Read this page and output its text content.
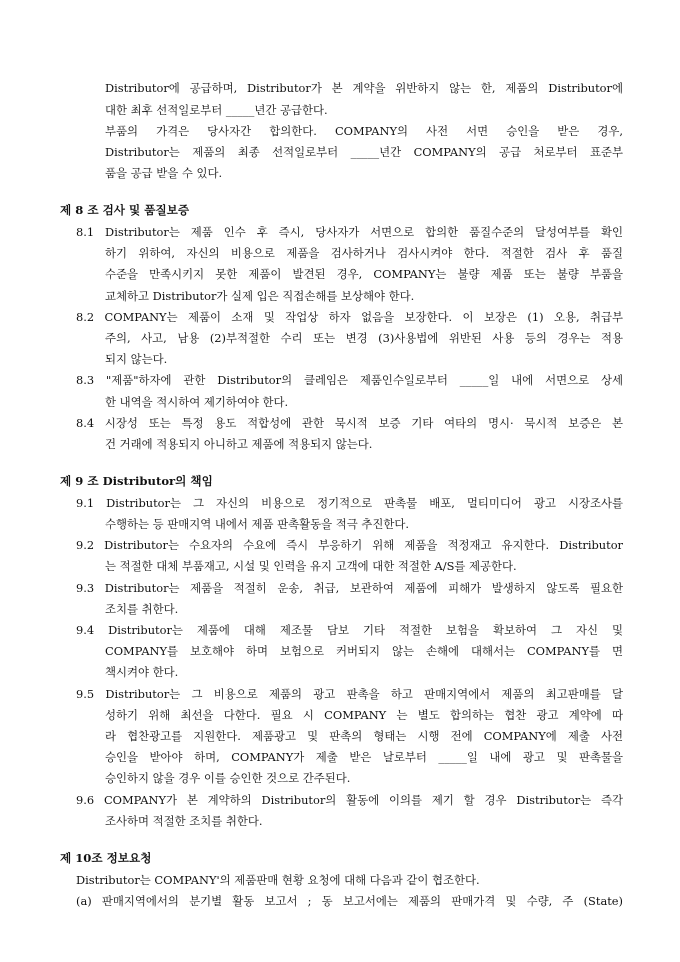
Distributor에 공급하며, Distributor가 본 계약을 위반하지 않는 한, 제품의 Distributor에
대한 최후 선적일로부터 _____년간 공급한다.
부품의 가격은 당사자간 합의한다. COMPANY의 사전 서면 승인을 받은 경우,
Distributor는 제품의 최종 선적일로부터 _____년간 COMPANY의 공급 처로부터 표준부
품을 공급 받을 수 있다.
제 8 조 검사 및 품질보증
8.1 Distributor는 제품 인수 후 즉시, 당사자가 서면으로 합의한 품질수준의 달성여부를 확인
하기 위하여, 자신의 비용으로 제품을 검사하거나 검사시켜야 한다. 적절한 검사 후 품질
수준을 만족시키지 못한 제품이 발견된 경우, COMPANY는 불량 제품 또는 불량 부품을
교체하고 Distributor가 실제 입은 직접손해를 보상해야 한다.
8.2 COMPANY는 제품이 소재 및 작업상 하자 없음을 보장한다. 이 보장은 (1) 오용, 취급부
주의, 사고, 남용 (2)부적절한 수리 또는 변경 (3)사용법에 위반된 사용 등의 경우는 적용
되지 않는다.
8.3 "제품"하자에 관한 Distributor의 클레임은 제품인수일로부터 _____일 내에 서면으로 상세
한 내역을 적시하여 제기하여야 한다.
8.4 시장성 또는 특정 용도 적합성에 관한 묵시적 보증 기타 여타의 명시· 묵시적 보증은 본
건 거래에 적용되지 아니하고 제품에 적용되지 않는다.
제 9 조 Distributor의 책임
9.1 Distributor는 그 자신의 비용으로 정기적으로 판촉물 배포, 멀티미디어 광고 시장조사를
수행하는 등 판매지역 내에서 제품 판촉활동을 적극 추진한다.
9.2 Distributor는 수요자의 수요에 즉시 부응하기 위해 제품을 적정재고 유지한다. Distributor
는 적절한 대체 부품재고, 시설 및 인력을 유지 고객에 대한 적절한 A/S를 제공한다.
9.3 Distributor는 제품을 적절히 운송, 취급, 보관하여 제품에 피해가 발생하지 않도록 필요한
조치를 취한다.
9.4 Distributor는 제품에 대해 제조물 담보 기타 적절한 보험을 확보하여 그 자신 및
COMPANY를 보호해야 하며 보험으로 커버되지 않는 손해에 대해서는 COMPANY를 면
책시켜야 한다.
9.5 Distributor는 그 비용으로 제품의 광고 판촉을 하고 판매지역에서 제품의 최고판매를 달
성하기 위해 최선을 다한다. 필요 시 COMPANY 는 별도 합의하는 협찬 광고 계약에 따
라 협찬광고를 지원한다. 제품광고 및 판촉의 형태는 시행 전에 COMPANY에 제출 사전
승인을 받아야 하며, COMPANY가 제출 받은 날로부터 _____일 내에 광고 및 판촉물을
승인하지 않을 경우 이를 승인한 것으로 간주된다.
9.6 COMPANY가 본 계약하의 Distributor의 활동에 이의를 제기 할 경우 Distributor는 즉각
조사하며 적절한 조치를 취한다.
제 10조 정보요청
Distributor는 COMPANY'의 제품판매 현황 요청에 대해 다음과 같이 협조한다.
(a) 판매지역에서의 분기별 활동 보고서 ; 동 보고서에는 제품의 판매가격 및 수량, 주 (State)
